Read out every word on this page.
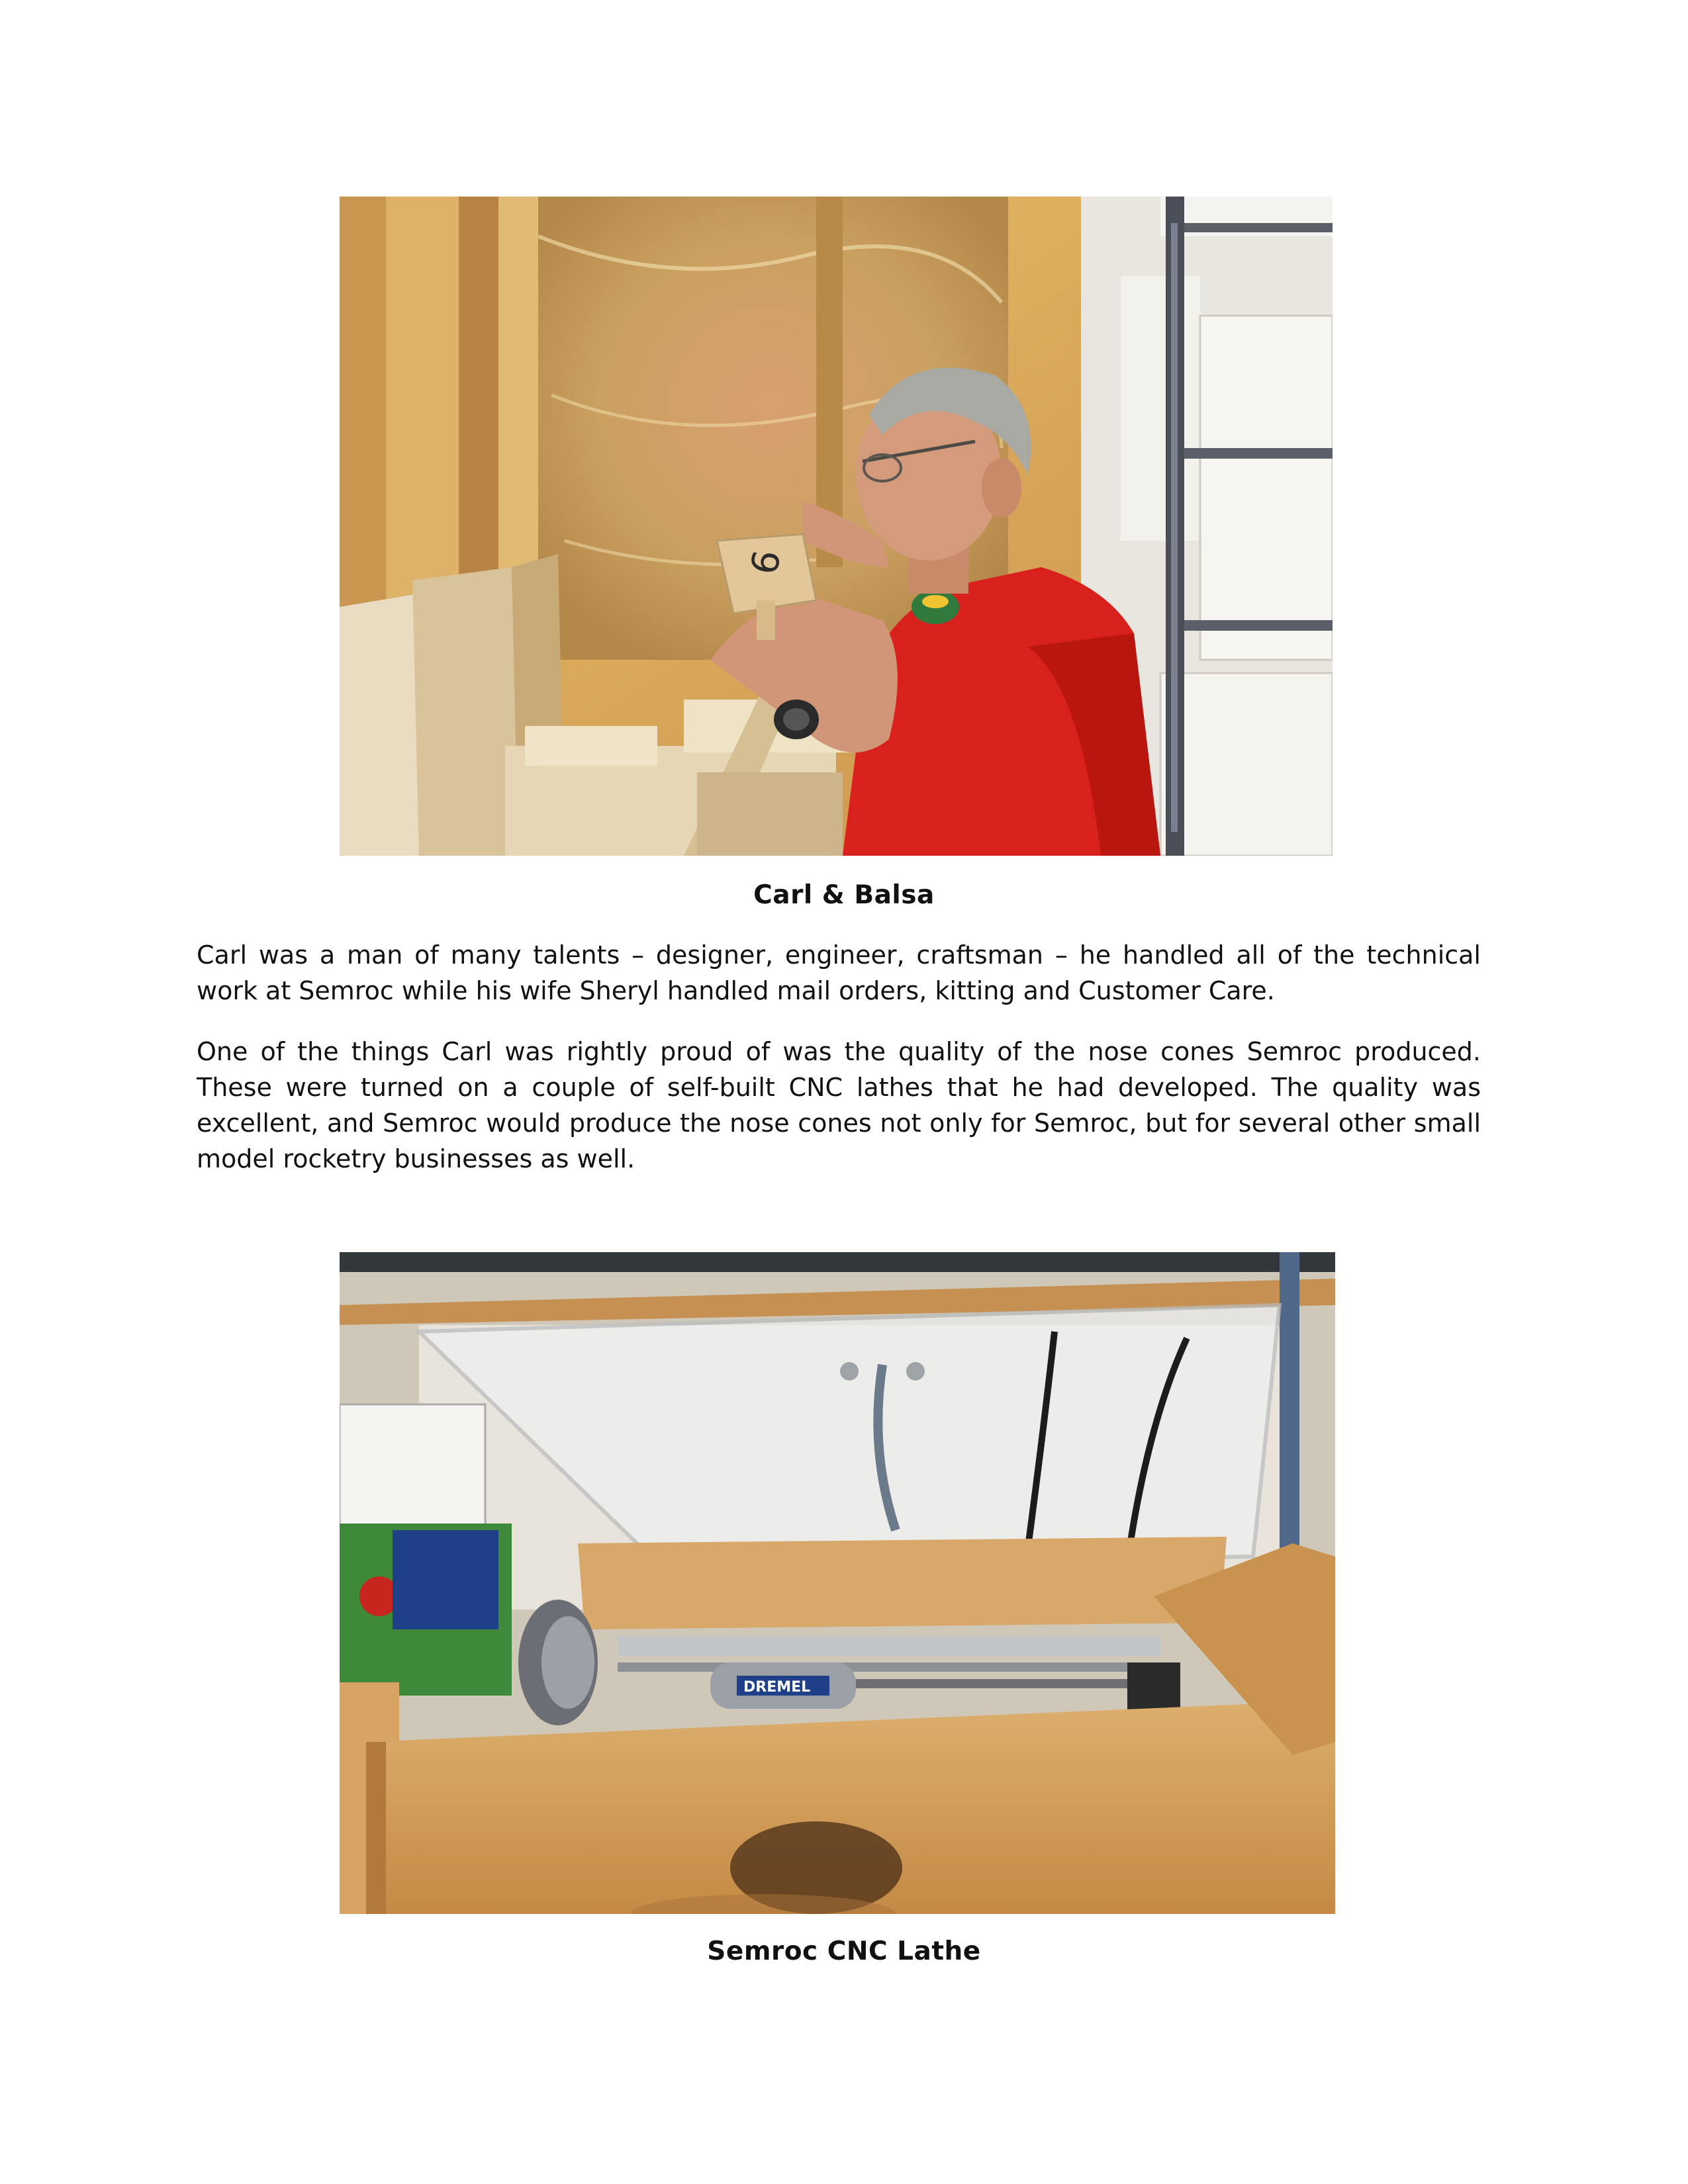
6
Carl & Balsa

Carl was a man of many talents – designer, engineer, craftsman – he handled all of the technical work at Semroc while his wife Sheryl handled mail orders, kitting and Customer Care.

One of the things Carl was rightly proud of was the quality of the nose cones Semroc produced. These were turned on a couple of self-built CNC lathes that he had developed. The quality was excellent, and Semroc would produce the nose cones not only for Semroc, but for several other small model rocketry businesses as well.

DREMEL
Semroc CNC Lathe
